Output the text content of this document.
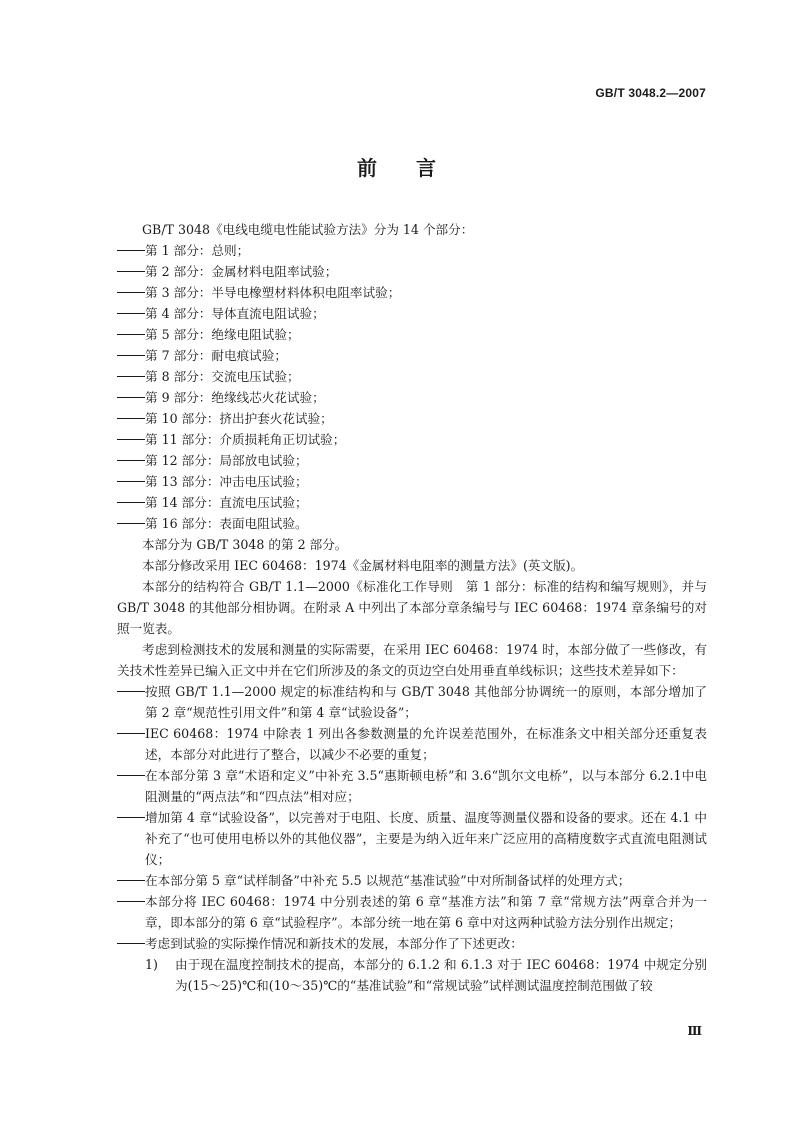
GB/T 3048.2—2007
前 言
GB/T 3048《电线电缆电性能试验方法》分为 14 个部分：
第 1 部分：总则；
第 2 部分：金属材料电阻率试验；
第 3 部分：半导电橡塑材料体积电阻率试验；
第 4 部分：导体直流电阻试验；
第 5 部分：绝缘电阻试验；
第 7 部分：耐电痕试验；
第 8 部分：交流电压试验；
第 9 部分：绝缘线芯火花试验；
第 10 部分：挤出护套火花试验；
第 11 部分：介质损耗角正切试验；
第 12 部分：局部放电试验；
第 13 部分：冲击电压试验；
第 14 部分：直流电压试验；
第 16 部分：表面电阻试验。
本部分为 GB/T 3048 的第 2 部分。
本部分修改采用 IEC 60468：1974《金属材料电阻率的测量方法》(英文版)。
本部分的结构符合 GB/T 1.1—2000《标准化工作导则　第 1 部分：标准的结构和编写规则》，并与 GB/T 3048 的其他部分相协调。在附录 A 中列出了本部分章条编号与 IEC 60468：1974 章条编号的对照一览表。
考虑到检测技术的发展和测量的实际需要，在采用 IEC 60468：1974 时，本部分做了一些修改，有关技术性差异已编入正文中并在它们所涉及的条文的页边空白处用垂直单线标识；这些技术差异如下：
按照 GB/T 1.1—2000 规定的标准结构和与 GB/T 3048 其他部分协调统一的原则，本部分增加了第 2 章“规范性引用文件”和第 4 章“试验设备”；
IEC 60468：1974 中除表 1 列出各参数测量的允许误差范围外，在标准条文中相关部分还重复表述，本部分对此进行了整合，以减少不必要的重复；
在本部分第 3 章“术语和定义”中补充 3.5“惠斯顿电桥”和 3.6“凯尔文电桥”，以与本部分 6.2.1中电阻测量的“两点法”和“四点法”相对应；
增加第 4 章“试验设备”，以完善对于电阻、长度、质量、温度等测量仪器和设备的要求。还在 4.1 中补充了“也可使用电桥以外的其他仪器”，主要是为纳入近年来广泛应用的高精度数字式直流电阻测试仪；
在本部分第 5 章“试样制备”中补充 5.5 以规范“基准试验”中对所制备试样的处理方式；
本部分将 IEC 60468：1974 中分别表述的第 6 章“基准方法”和第 7 章“常规方法”两章合并为一章，即本部分的第 6 章“试验程序”。本部分统一地在第 6 章中对这两种试验方法分别作出规定；
考虑到试验的实际操作情况和新技术的发展，本部分作了下述更改：
1)	由于现在温度控制技术的提高，本部分的 6.1.2 和 6.1.3 对于 IEC 60468：1974 中规定分别为(15～25)℃和(10～35)℃的“基准试验”和“常规试验”试样测试温度控制范围做了较
Ⅲ
